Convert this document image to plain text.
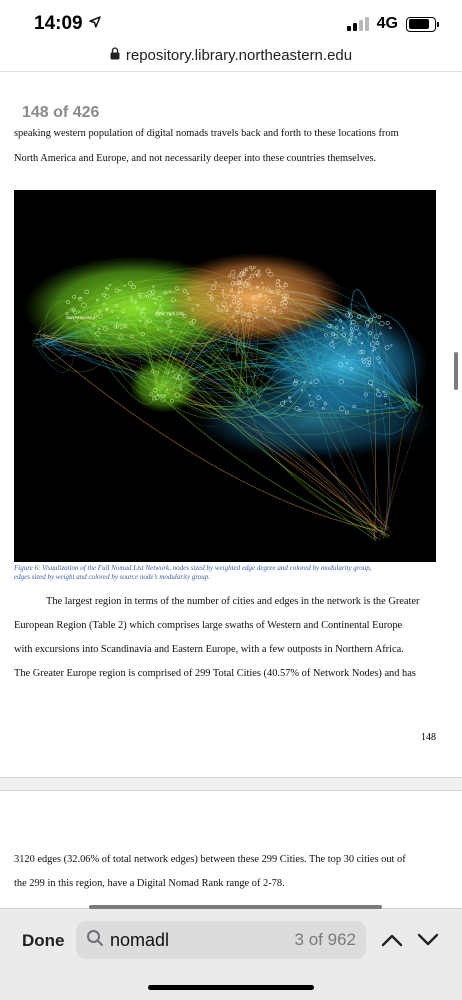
14:09	4G
repository.library.northeastern.edu
148 of 426
speaking western population of digital nomads travels back and forth to these locations from
North America and Europe, and not necessarily deeper into these countries themselves.
San Francisco
New York City
Figure 6: Visualization of the Full Nomad List Network, nodes sized by weighted edge degree and colored by modularity group,
edges sized by weight and colored by source node’s modularity group.
The largest region in terms of the number of cities and edges in the network is the Greater
European Region (Table 2) which comprises large swaths of Western and Continental Europe
with excursions into Scandinavia and Eastern Europe, with a few outposts in Northern Africa.
The Greater Europe region is comprised of 299 Total Cities (40.57% of Network Nodes) and has
148
3120 edges (32.06% of total network edges) between these 299 Cities. The top 30 cities out of
the 299 in this region, have a Digital Nomad Rank range of 2-78.
Done
nomadl	3 of 962
